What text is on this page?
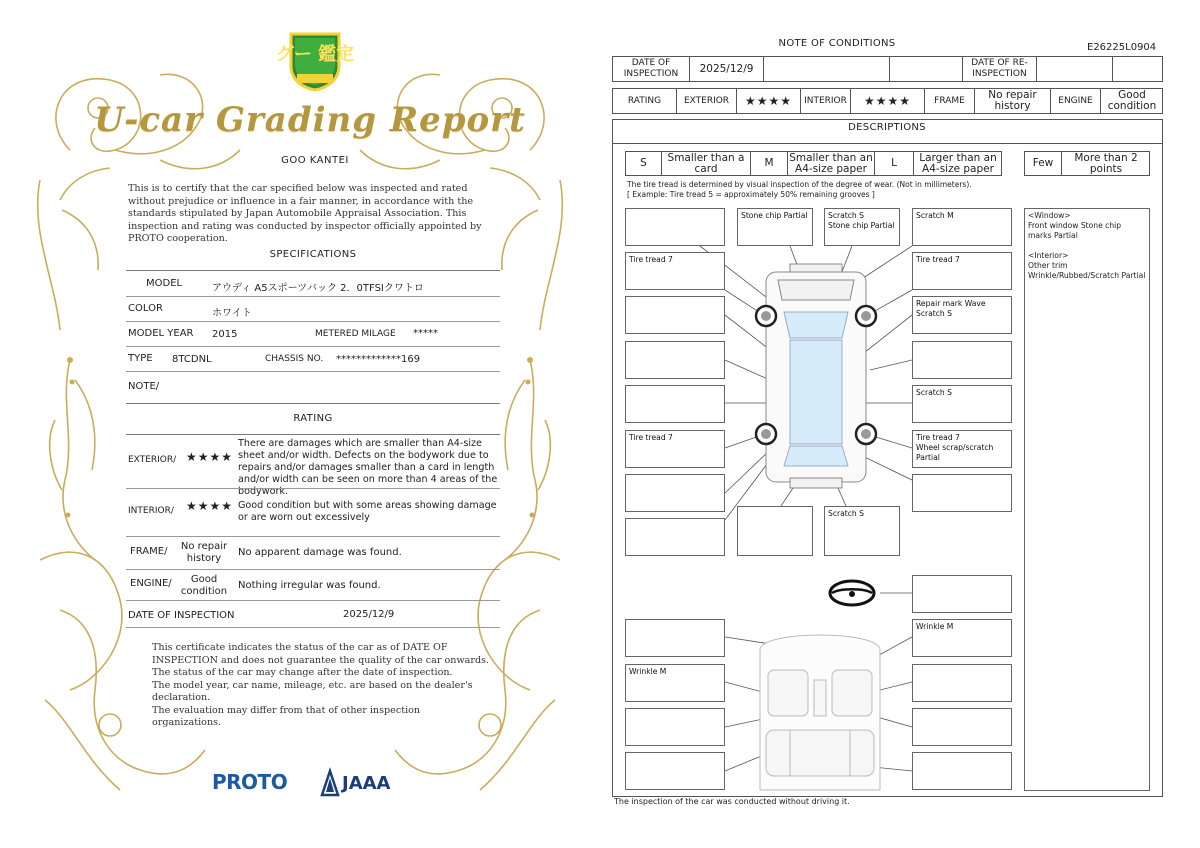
グー 鑑定
U-car Grading Report
GOO KANTEI
This is to certify that the car specified below was inspected and rated without prejudice or influence in a fair manner, in accordance with the standards stipulated by Japan Automobile Appraisal Association. This inspection and rating was conducted by inspector officially appointed by PROTO cooperation.
SPECIFICATIONS
MODEL	アウディ A5スポーツバック 2．0TFSIクワトロ
COLOR	ホワイト
MODEL YEAR 2015	METERED MILAGE *****
TYPE 8TCDNL	CHASSIS NO. *************169
NOTE/
RATING
EXTERIOR/ ★★★★
There are damages which are smaller than A4-size sheet and/or width. Defects on the bodywork due to repairs and/or damages smaller than a card in length and/or width can be seen on more than 4 areas of the bodywork.
INTERIOR/ ★★★★ Good condition but with some areas showing damage or are worn out excessively
FRAME/	No repair history
No apparent damage was found.
ENGINE/	Good condition
Nothing irregular was found.
DATE OF INSPECTION	2025/12/9
This certificate indicates the status of the car as of DATE OF
INSPECTION and does not guarantee the quality of the car onwards.
The status of the car may change after the date of inspection.
The model year, car name, mileage, etc. are based on the dealer's
declaration.
The evaluation may differ from that of other inspection organizations.
PROTO	JAAA
NOTE OF CONDITIONS	E26225L0904
DATE OF INSPECTION	2025/12/9	DATE OF RE-INSPECTION
RATING	EXTERIOR	★★★★	INTERIOR	★★★★	FRAME	No repair history	ENGINE	Good condition
DESCRIPTIONS
S	Smaller than a card	M	Smaller than an A4-size paper	L	Larger than an A4-size paper	Few	More than 2 points
The tire tread is determined by visual inspection of the degree of wear. (Not in millimeters).
[ Example: Tire tread 5 = approximately 50% remaining grooves ]
Tire tread 7
Tire tread 7
Wrinkle M
Stone chip Partial	Scratch S
Stone chip Partial
Scratch S
Scratch M
Tire tread 7
Repair mark Wave
Scratch S
Scratch S
Tire tread 7
Wheel scrap/scratch Partial
Wrinkle M
<Window>
Front window Stone chip marks Partial

<Interior>
Other trim Wrinkle/Rubbed/Scratch Partial
The inspection of the car was conducted without driving it.
